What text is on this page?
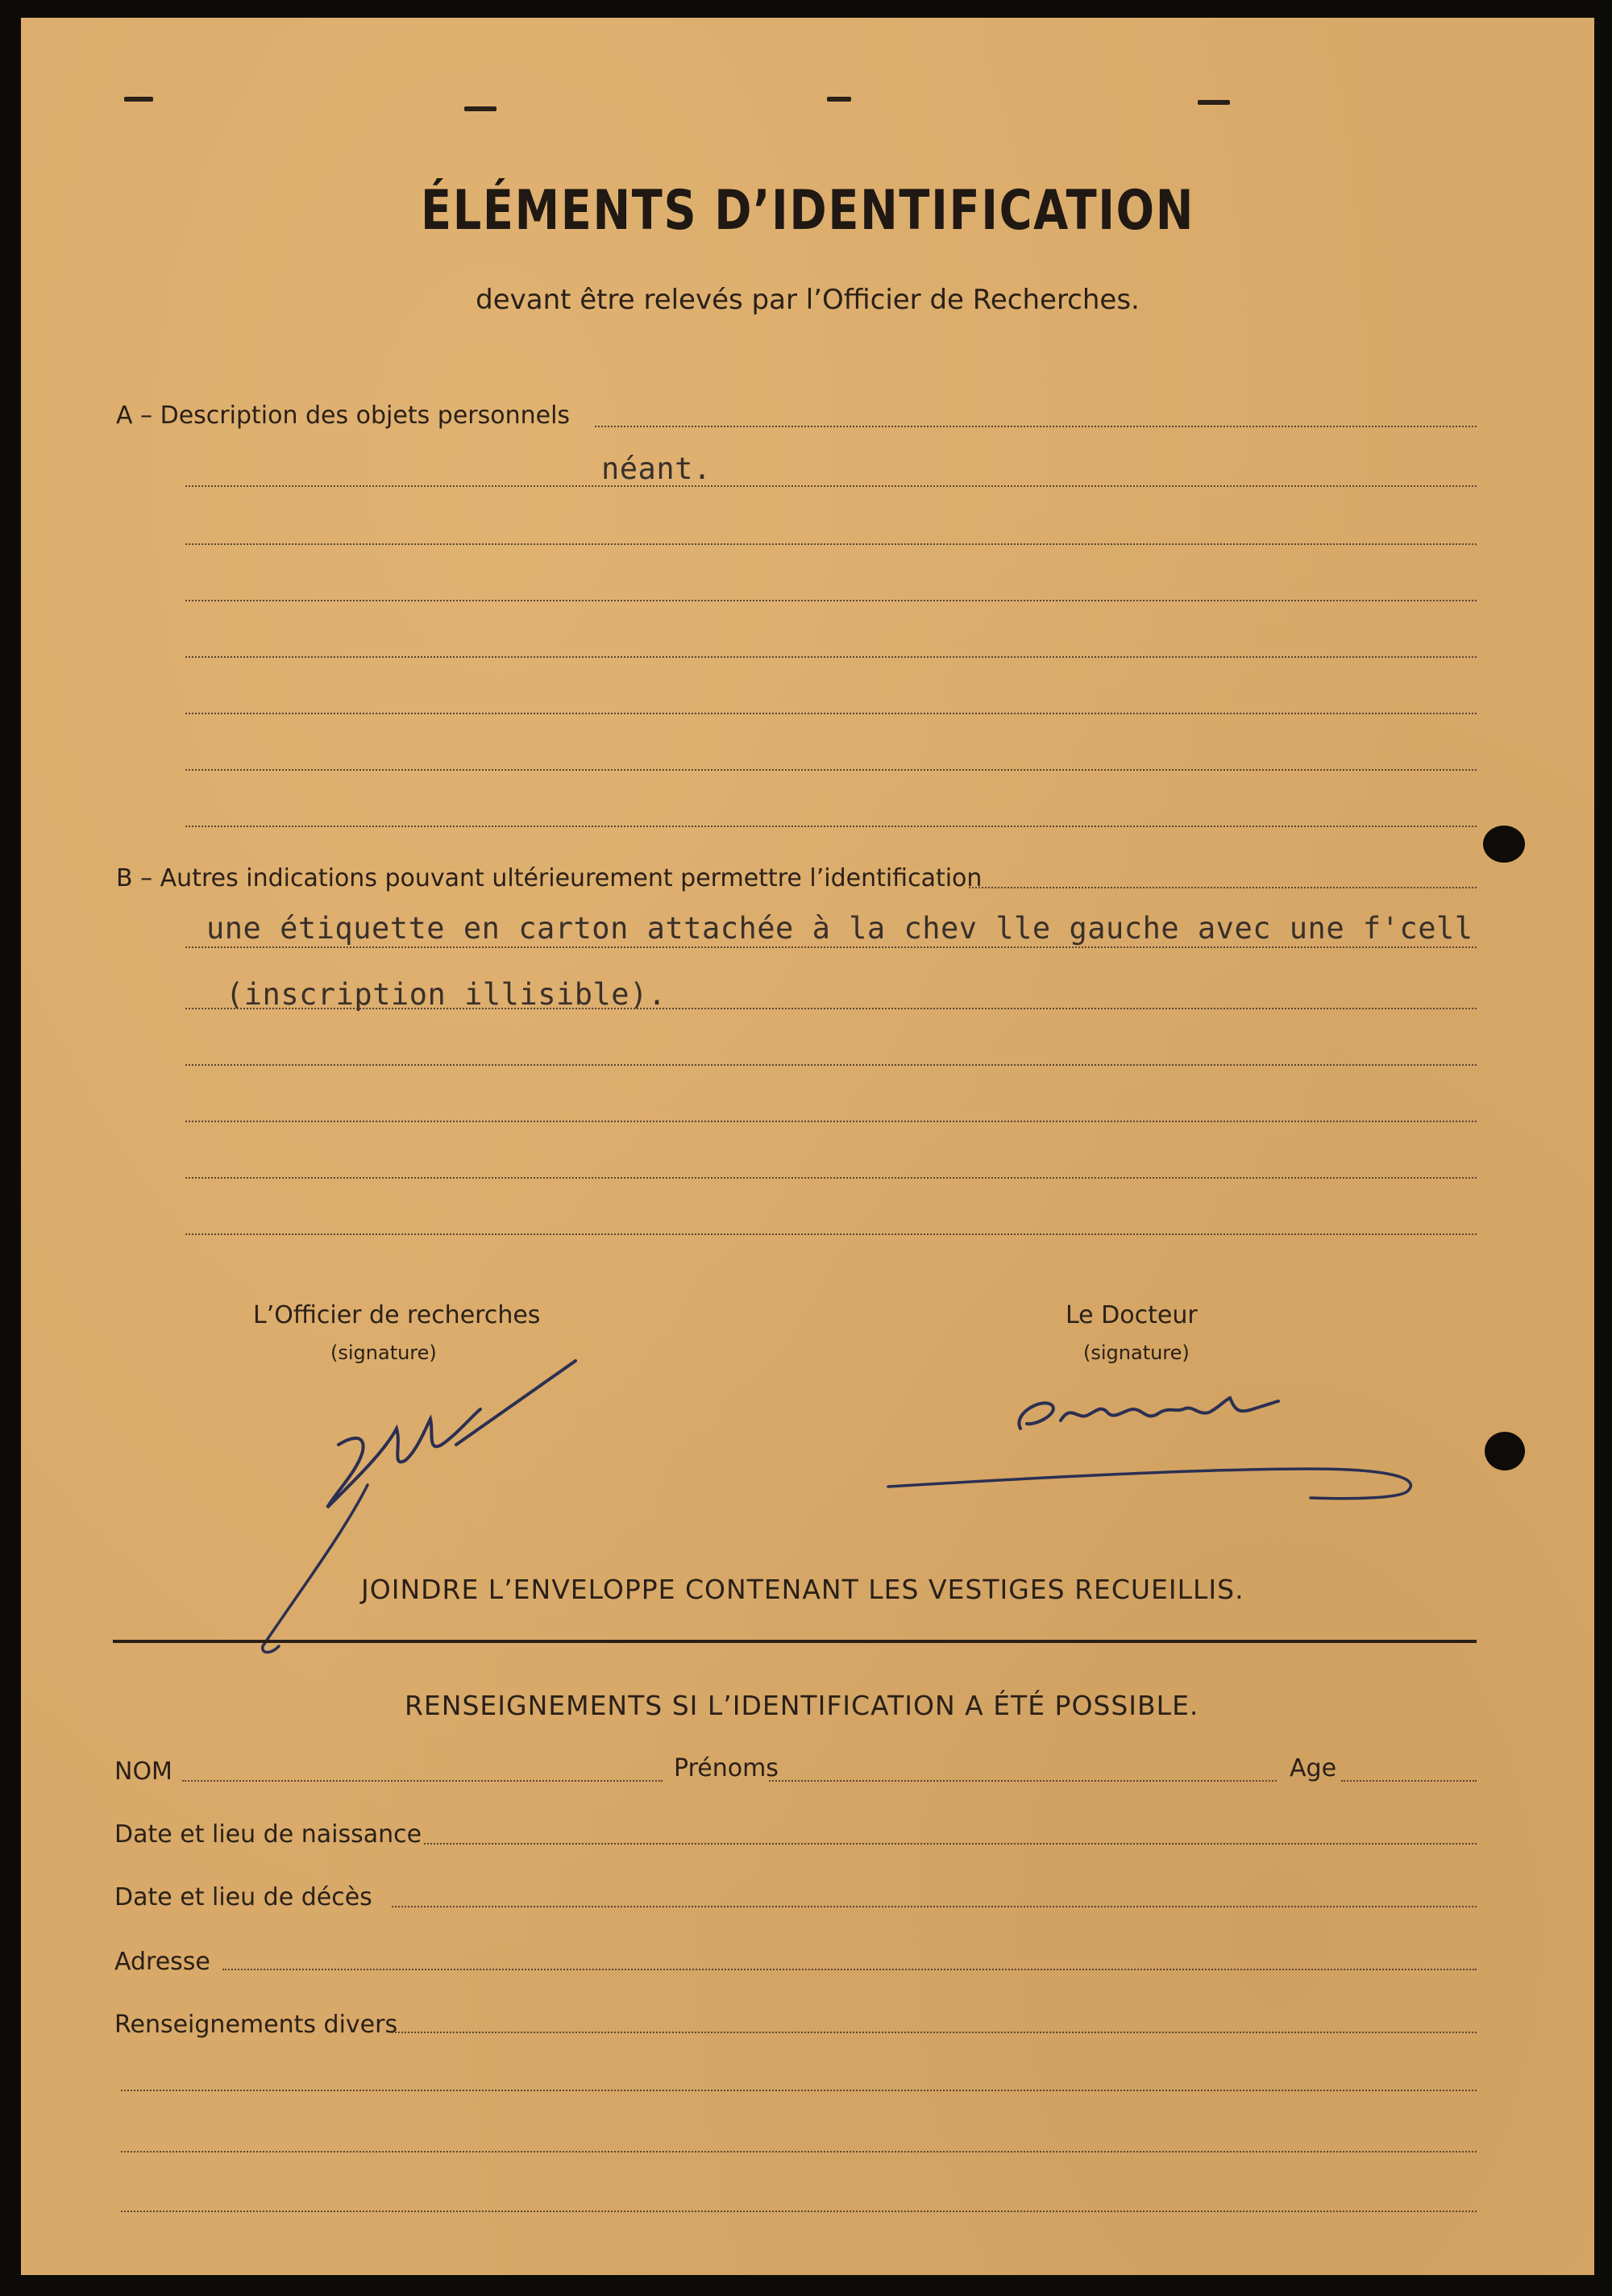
ÉLÉMENTS D’IDENTIFICATION
devant être relevés par l’Officier de Recherches.
A – Description des objets personnels
néant.
B – Autres indications pouvant ultérieurement permettre l’identification
une étiquette en carton attachée à la chev lle gauche avec une f'cell
(inscription illisible).
L’Officier de recherches
(signature)
Le Docteur
(signature)
JOINDRE L’ENVELOPPE CONTENANT LES VESTIGES RECUEILLIS.
RENSEIGNEMENTS SI L’IDENTIFICATION A ÉTÉ POSSIBLE.
NOM	Prénoms	Age
Date et lieu de naissance
Date et lieu de décès
Adresse
Renseignements divers
